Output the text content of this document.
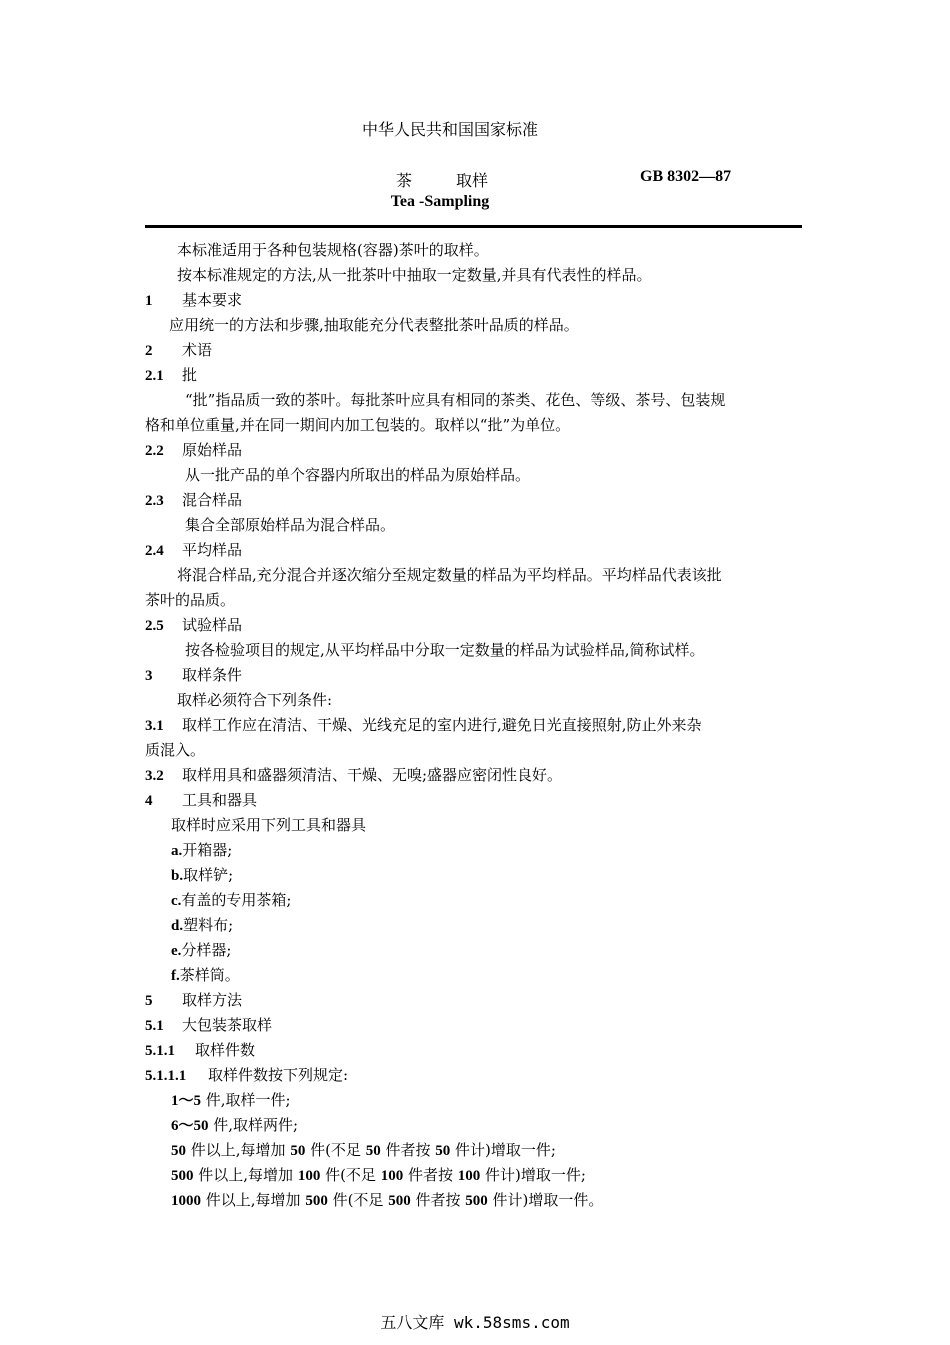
中华人民共和国国家标准
茶	取样	GB 8302—87
Tea -Sampling
本标准适用于各种包装规格(容器)茶叶的取样。
按本标准规定的方法,从一批茶叶中抽取一定数量,并具有代表性的样品。
1 基本要求
应用统一的方法和步骤,抽取能充分代表整批茶叶品质的样品。
2 术语
2.1 批
“批”指品质一致的茶叶。每批茶叶应具有相同的茶类、花色、等级、茶号、包装规
格和单位重量,并在同一期间内加工包装的。取样以“批”为单位。
2.2 原始样品
从一批产品的单个容器内所取出的样品为原始样品。
2.3 混合样品
集合全部原始样品为混合样品。
2.4 平均样品
将混合样品,充分混合并逐次缩分至规定数量的样品为平均样品。平均样品代表该批
茶叶的品质。
2.5 试验样品
按各检验项目的规定,从平均样品中分取一定数量的样品为试验样品,简称试样。
3 取样条件
取样必须符合下列条件:
3.1 取样工作应在清洁、干燥、光线充足的室内进行,避免日光直接照射,防止外来杂
质混入。
3.2 取样用具和盛器须清洁、干燥、无嗅;盛器应密闭性良好。
4 工具和器具
取样时应采用下列工具和器具
a.开箱器;
b.取样铲;
c.有盖的专用茶箱;
d.塑料布;
e.分样器;
f.茶样筒。
5 取样方法
5.1 大包装茶取样
5.1.1 取样件数
5.1.1.1 取样件数按下列规定:
1～5 件,取样一件;
6～50 件,取样两件;
50 件以上,每增加 50 件(不足 50 件者按 50 件计)增取一件;
500 件以上,每增加 100 件(不足 100 件者按 100 件计)增取一件;
1000 件以上,每增加 500 件(不足 500 件者按 500 件计)增取一件。
五八文库 wk.58sms.com
